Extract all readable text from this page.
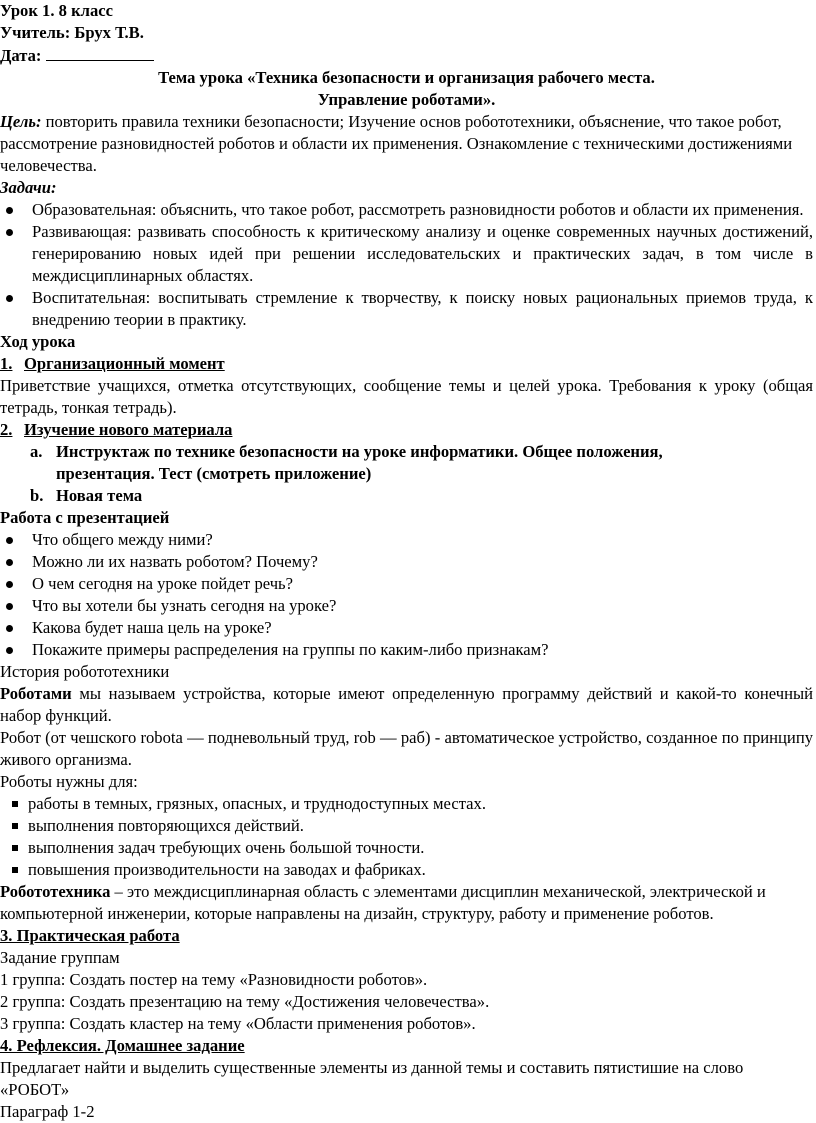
Урок 1. 8 класс

Учитель: Брух Т.В.

Дата:

Тема урока «Техника безопасности и организация рабочего места.

Управление роботами».

Цель: повторить правила техники безопасности; Изучение основ робототехники, объяснение, что такое робот, рассмотрение разновидностей роботов и области их применения. Ознакомление с техническими достижениями человечества.

Задачи:

Образовательная: объяснить, что такое робот, рассмотреть разновидности роботов и области их применения.
Развивающая: развивать способность к критическому анализу и оценке современных научных достижений, генерированию новых идей при решении исследовательских и практических задач, в том числе в междисциплинарных областях.
Воспитательная: воспитывать стремление к творчеству, к поиску новых рациональных приемов труда, к внедрению теории в практику.

Ход урока

1. Организационный момент

Приветствие учащихся, отметка отсутствующих, сообщение темы и целей урока. Требования к уроку (общая тетрадь, тонкая тетрадь).

2. Изучение нового материала
a. Инструктаж по технике безопасности на уроке информатики. Общее положения, презентация. Тест (смотреть приложение)
b. Новая тема

Работа с презентацией

Что общего между ними?
Можно ли их назвать роботом? Почему?
О чем сегодня на уроке пойдет речь?
Что вы хотели бы узнать сегодня на уроке?
Какова будет наша цель на уроке?
Покажите примеры распределения на группы по каким-либо признакам?

История робототехники

Роботами мы называем устройства, которые имеют определенную программу действий и какой-то конечный набор функций.

Робот (от чешского robota — подневольный труд, rob — раб) - автоматическое устройство, созданное по принципу живого организма.

Роботы нужны для:

работы в темных, грязных, опасных, и труднодоступных местах.
выполнения повторяющихся действий.
выполнения задач требующих очень большой точности.
повышения производительности на заводах и фабриках.

Робототехника – это междисциплинарная область с элементами дисциплин механической, электрической и компьютерной инженерии, которые направлены на дизайн, структуру, работу и применение роботов.

3. Практическая работа

Задание группам

1 группа: Создать постер на тему «Разновидности роботов».

2 группа: Создать презентацию на тему «Достижения человечества».

3 группа: Создать кластер на тему «Области применения роботов».

4. Рефлексия. Домашнее задание

Предлагает найти и выделить существенные элементы из данной темы и составить пятистишие на слово «РОБОТ»

Параграф 1-2
